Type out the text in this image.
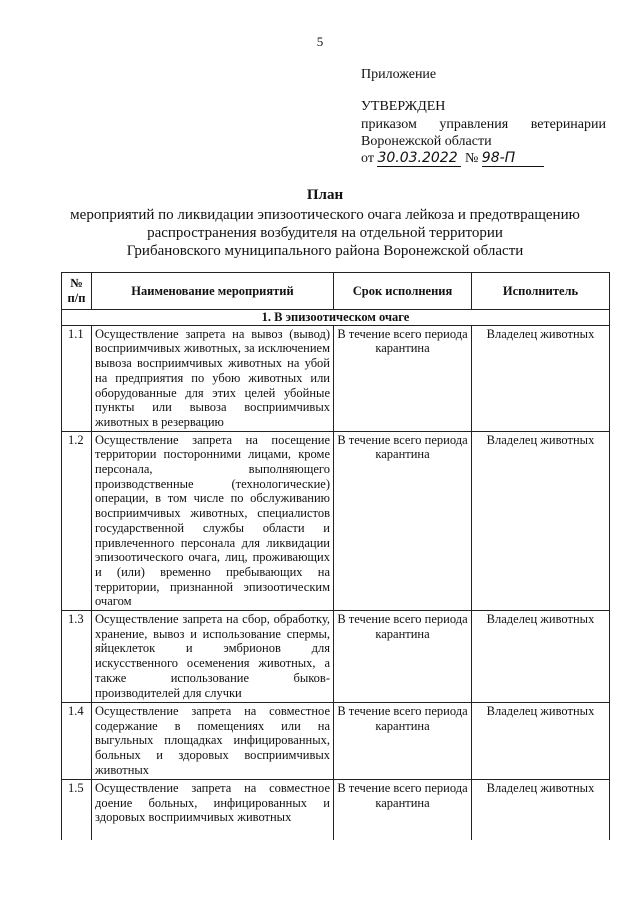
5
Приложение
УТВЕРЖДЕН
приказом управления ветеринарии
Воронежской области
от 30.03.2022 № 98-П
План
мероприятий по ликвидации эпизоотического очага лейкоза и предотвращению
распространения возбудителя на отдельной территории
Грибановского муниципального района Воронежской области
№ п/п	Наименование мероприятий	Срок исполнения	Исполнитель
1. В эпизоотическом очаге			
1.1	Осуществление запрета на вывоз (вывод) восприимчивых животных, за исключением вывоза восприимчивых животных на убой на предприятия по убою животных или оборудованные для этих целей убойные пункты или вывоза восприимчивых животных в резервацию	В течение всего периода карантина	Владелец животных
1.2	Осуществление запрета на посещение территории посторонними лицами, кроме персонала, выполняющего производственные (технологические) операции, в том числе по обслуживанию восприимчивых животных, специалистов государственной службы области и привлеченного персонала для ликвидации эпизоотического очага, лиц, проживающих и (или) временно пребывающих на территории, признанной эпизоотическим очагом	В течение всего периода карантина	Владелец животных
1.3	Осуществление запрета на сбор, обработку, хранение, вывоз и использование спермы, яйцеклеток и эмбрионов для искусственного осеменения животных, а также использование быков-производителей для случки	В течение всего периода карантина	Владелец животных
1.4	Осуществление запрета на совместное содержание в помещениях или на выгульных площадках инфицированных, больных и здоровых восприимчивых животных	В течение всего периода карантина	Владелец животных
1.5	Осуществление запрета на совместное доение больных, инфицированных и здоровых восприимчивых животных	В течение всего периода карантина	Владелец животных
